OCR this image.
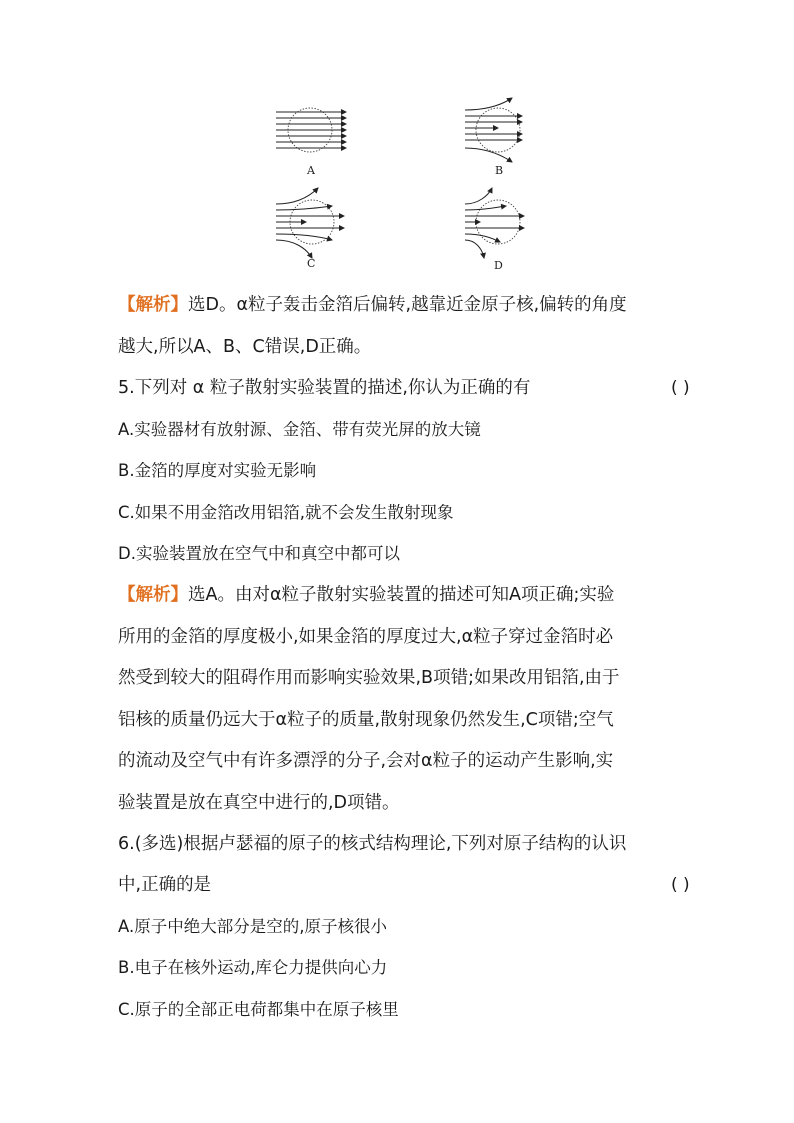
A	B
C	D
【解析】选D。α粒子轰击金箔后偏转,越靠近金原子核,偏转的角度
越大,所以A、B、C错误,D正确。
5.下列对 α 粒子散射实验装置的描述,你认为正确的有	( )
A.实验器材有放射源、金箔、带有荧光屏的放大镜
B.金箔的厚度对实验无影响
C.如果不用金箔改用铝箔,就不会发生散射现象
D.实验装置放在空气中和真空中都可以
【解析】选A。由对α粒子散射实验装置的描述可知A项正确;实验
所用的金箔的厚度极小,如果金箔的厚度过大,α粒子穿过金箔时必
然受到较大的阻碍作用而影响实验效果,B项错;如果改用铝箔,由于
铝核的质量仍远大于α粒子的质量,散射现象仍然发生,C项错;空气
的流动及空气中有许多漂浮的分子,会对α粒子的运动产生影响,实
验装置是放在真空中进行的,D项错。
6.(多选)根据卢瑟福的原子的核式结构理论,下列对原子结构的认识
中,正确的是	( )
A.原子中绝大部分是空的,原子核很小
B.电子在核外运动,库仑力提供向心力
C.原子的全部正电荷都集中在原子核里
